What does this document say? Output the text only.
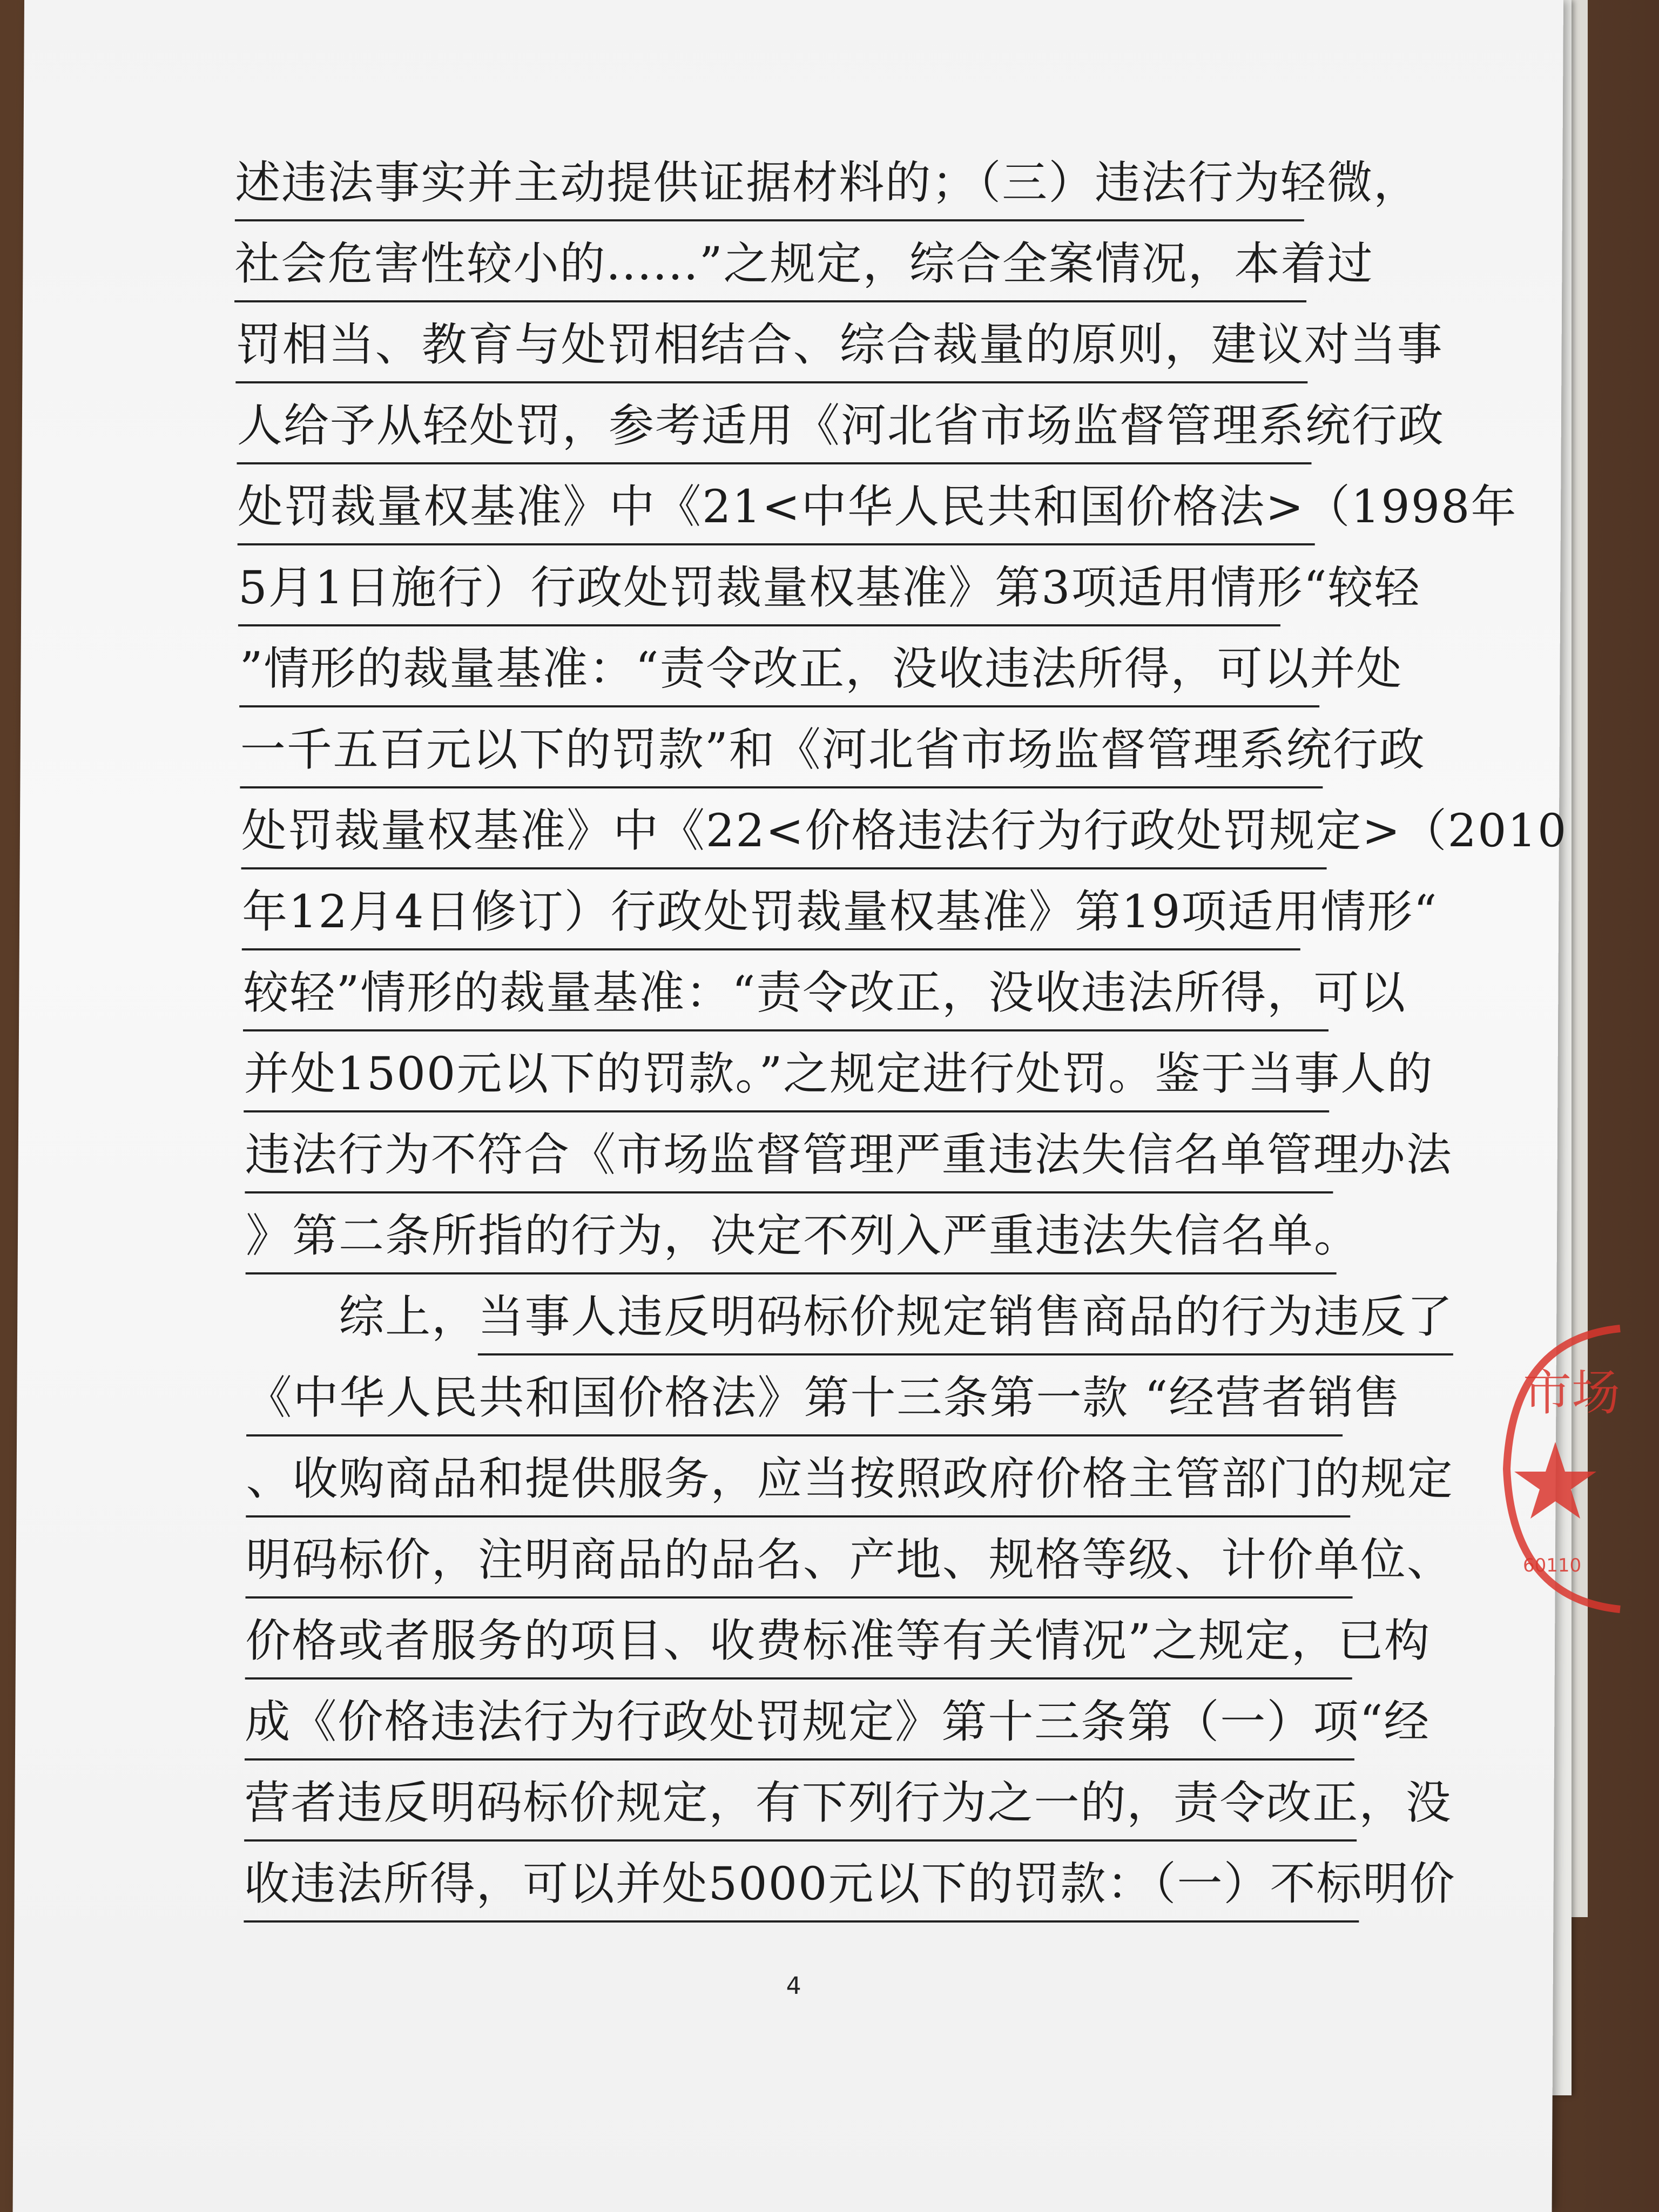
述违法事实并主动提供证据材料的；（三）违法行为轻微，
社会危害性较小的......”之规定，综合全案情况，本着过
罚相当、教育与处罚相结合、综合裁量的原则，建议对当事
人给予从轻处罚，参考适用《河北省市场监督管理系统行政
处罚裁量权基准》中《21<中华人民共和国价格法>（1998年
5月1日施行）行政处罚裁量权基准》第3项适用情形“较轻
”情形的裁量基准：“责令改正，没收违法所得，可以并处
一千五百元以下的罚款”和《河北省市场监督管理系统行政
处罚裁量权基准》中《22<价格违法行为行政处罚规定>（2010
年12月4日修订）行政处罚裁量权基准》第19项适用情形“
较轻”情形的裁量基准：“责令改正，没收违法所得，可以
并处1500元以下的罚款。”之规定进行处罚。鉴于当事人的
违法行为不符合《市场监督管理严重违法失信名单管理办法
》第二条所指的行为，决定不列入严重违法失信名单。
综上，当事人违反明码标价规定销售商品的行为违反了
《中华人民共和国价格法》第十三条第一款 “经营者销售
、收购商品和提供服务，应当按照政府价格主管部门的规定
明码标价，注明商品的品名、产地、规格等级、计价单位、
价格或者服务的项目、收费标准等有关情况”之规定，已构
成《价格违法行为行政处罚规定》第十三条第（一）项“经
营者违反明码标价规定，有下列行为之一的，责令改正，没
收违法所得，可以并处5000元以下的罚款：（一）不标明价
4
市场
60110
